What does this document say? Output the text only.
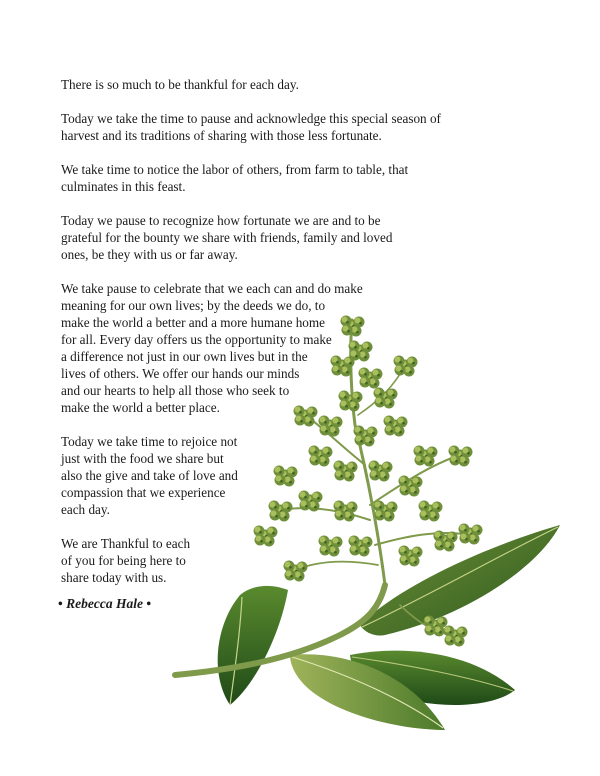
There is so much to be thankful for each day.

Today we take the time to pause and acknowledge this special season of
harvest and its traditions of sharing with those less fortunate.

We take time to notice the labor of others, from farm to table, that
culminates in this feast.

Today we pause to recognize how fortunate we are and to be
grateful for the bounty we share with friends, family and loved
ones, be they with us or far away.

We take pause to celebrate that we each can and do make
meaning for our own lives; by the deeds we do, to
make the world a better and a more humane home
for all. Every day offers us the opportunity to make
a difference not just in our own lives but in the
lives of others. We offer our hands our minds
and our hearts to help all those who seek to
make the world a better place.

Today we take time to rejoice not
just with the food we share but
also the give and take of love and
compassion that we experience
each day.

We are Thankful to each
of you for being here to
share today with us.

• Rebecca Hale •
